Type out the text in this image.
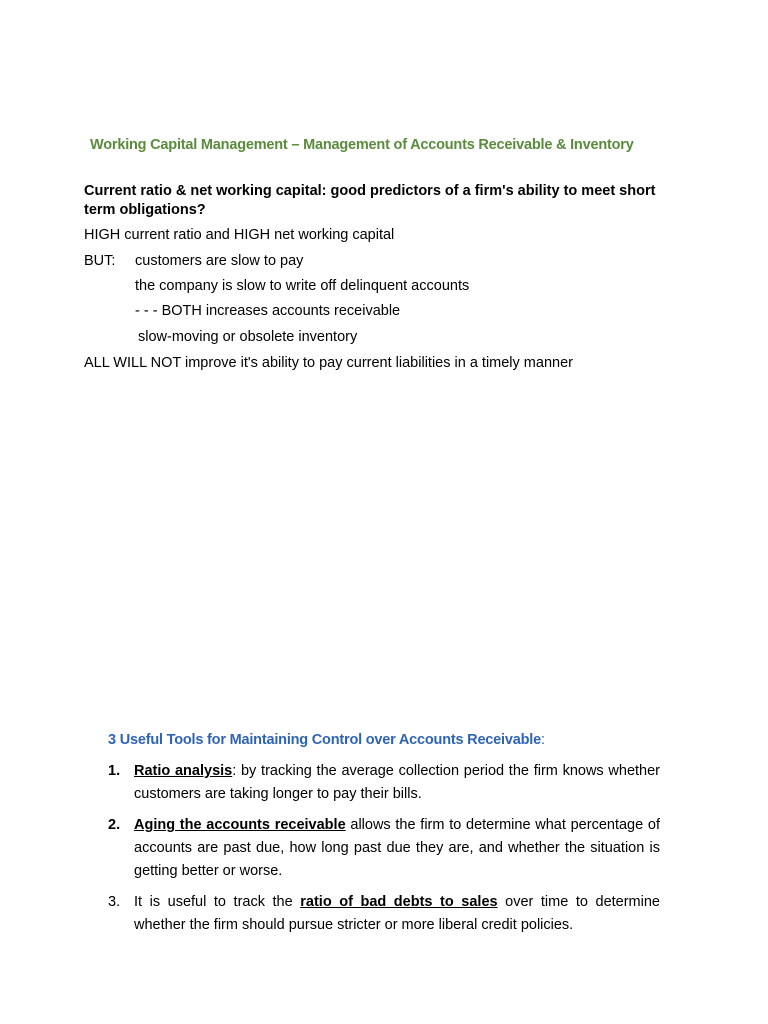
Working Capital Management – Management of Accounts Receivable & Inventory
Current ratio & net working capital: good predictors of a firm's ability to meet short term obligations?
HIGH current ratio and HIGH net working capital
BUT: customers are slow to pay
the company is slow to write off delinquent accounts
- - - BOTH increases accounts receivable
slow-moving or obsolete inventory
ALL WILL NOT improve it's ability to pay current liabilities in a timely manner
3 Useful Tools for Maintaining Control over Accounts Receivable:
1. Ratio analysis: by tracking the average collection period the firm knows whether customers are taking longer to pay their bills.
2. Aging the accounts receivable allows the firm to determine what percentage of accounts are past due, how long past due they are, and whether the situation is getting better or worse.
3. It is useful to track the ratio of bad debts to sales over time to determine whether the firm should pursue stricter or more liberal credit policies.
